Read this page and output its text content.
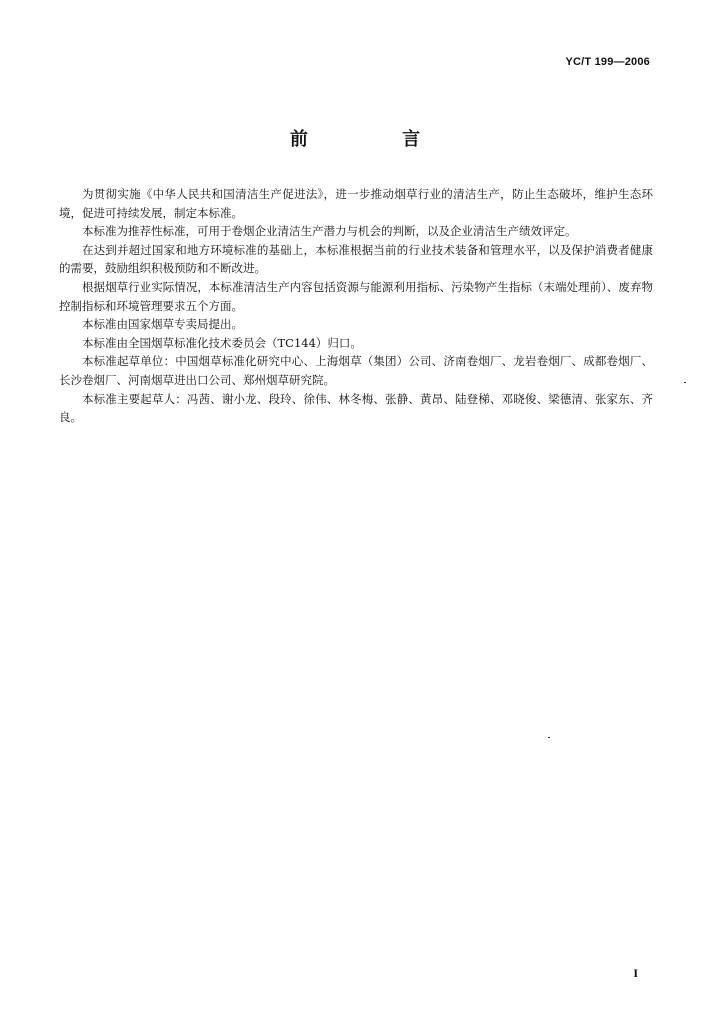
YC/T 199—2006
前 言

为贯彻实施《中华人民共和国清洁生产促进法》，进一步推动烟草行业的清洁生产，防止生态破坏，维护生态环境，促进可持续发展，制定本标准。

本标准为推荐性标准，可用于卷烟企业清洁生产潜力与机会的判断，以及企业清洁生产绩效评定。

在达到并超过国家和地方环境标准的基础上，本标准根据当前的行业技术装备和管理水平，以及保护消费者健康的需要，鼓励组织积极预防和不断改进。

根据烟草行业实际情况，本标准清洁生产内容包括资源与能源利用指标、污染物产生指标（末端处理前）、废弃物控制指标和环境管理要求五个方面。

本标准由国家烟草专卖局提出。

本标准由全国烟草标准化技术委员会（TC144）归口。

本标准起草单位：中国烟草标准化研究中心、上海烟草（集团）公司、济南卷烟厂、龙岩卷烟厂、成都卷烟厂、长沙卷烟厂、河南烟草进出口公司、郑州烟草研究院。

本标准主要起草人：冯茜、谢小龙、段玲、徐伟、林冬梅、张静、黄昂、陆登梯、邓晓俊、梁德清、张家东、齐良。

I
